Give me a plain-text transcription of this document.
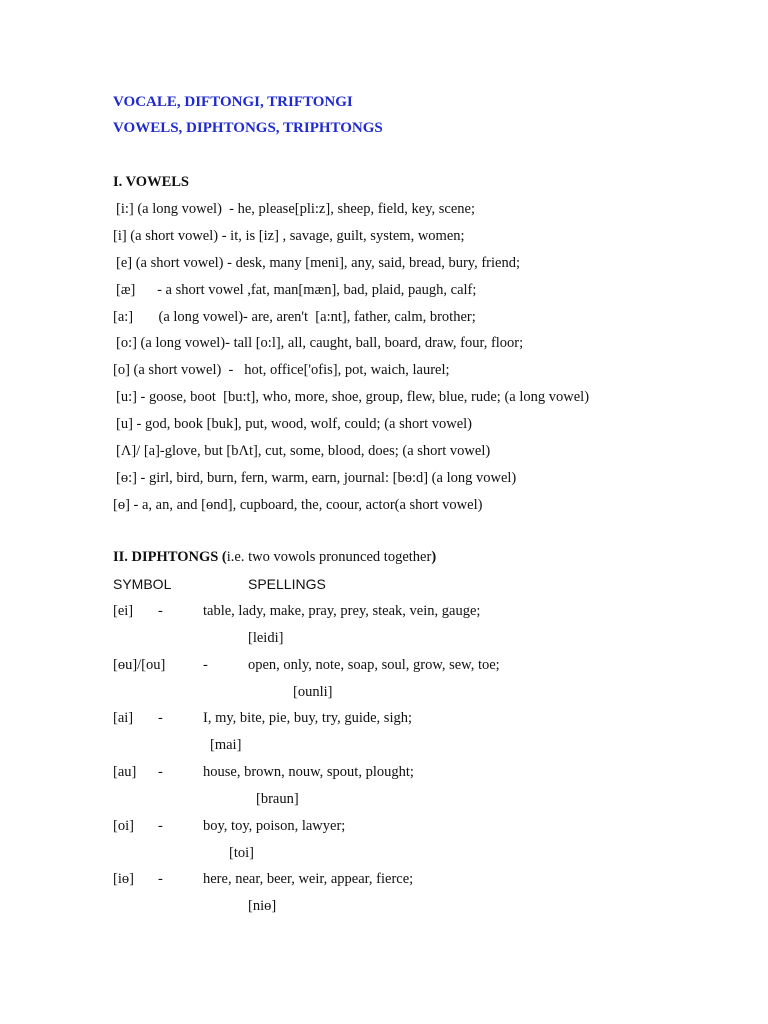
VOCALE, DIFTONGI, TRIFTONGI
VOWELS, DIPHTONGS, TRIPHTONGS
I. VOWELS
[i:] (a long vowel)  - he, please[pli:z], sheep, field, key, scene;
[i] (a short vowel) - it, is [iz] , savage, guilt, system, women;
[e] (a short vowel) - desk, many [meni], any, said, bread, bury, friend;
[æ]      - a short vowel ,fat, man[mæn], bad, plaid, paugh, calf;
[a:]       (a long vowel)- are, aren't  [a:nt], father, calm, brother;
[o:] (a long vowel)- tall [o:l], all, caught, ball, board, draw, four, floor;
[o] (a short vowel)  -   hot, office['ofis], pot, waich, laurel;
[u:] - goose, boot  [bu:t], who, more, shoe, group, flew, blue, rude; (a long vowel)
[u] - god, book [buk], put, wood, wolf, could; (a short vowel)
[Λ]/ [a]-glove, but [bΛt], cut, some, blood, does; (a short vowel)
[ɵ:] - girl, bird, burn, fern, warm, earn, journal: [bɵ:d] (a long vowel)
[ɵ] - a, an, and [ɵnd], cupboard, the, coour, actor(a short vowel)
II. DIPHTONGS (i.e. two vowols pronunced together)
SYMBOL	SPELLINGS
[ei] -	table, lady, make, pray, prey, steak, vein, gauge;
[leidi]
[ɵu]/[ou]	-	open, only, note, soap, soul, grow, sew, toe;
[ounli]
[ai] -	I, my, bite, pie, buy, try, guide, sigh;
[mai]
[au] -	house, brown, nouw, spout, plought;
[braun]
[oi] -	boy, toy, poison, lawyer;
[toi]
[iɵ] -	here, near, beer, weir, appear, fierce;
[niɵ]
